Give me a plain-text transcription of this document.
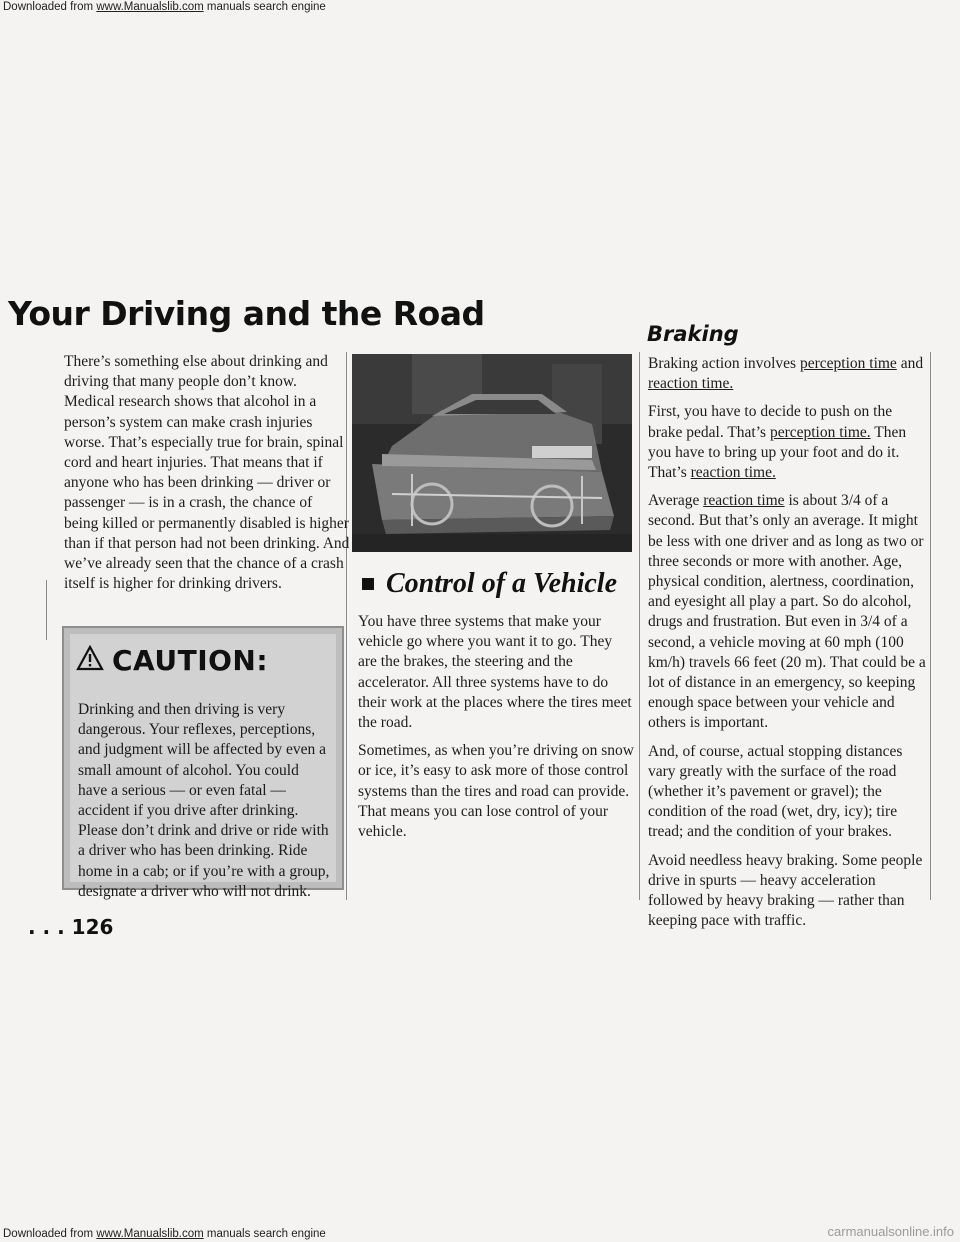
Downloaded from www.Manualslib.com manuals search engine
Your Driving and the Road

There’s something else about drinking and driving that many people don’t know. Medical research shows that alcohol in a person’s system can make crash injuries worse. That’s especially true for brain, spinal cord and heart injuries. That means that if anyone who has been drinking — driver or passenger — is in a crash, the chance of being killed or permanently disabled is higher than if that person had not been drinking. And we’ve already seen that the chance of a crash itself is higher for drinking drivers.

CAUTION:
Drinking and then driving is very dangerous. Your reflexes, perceptions, and judgment will be affected by even a small amount of alcohol. You could have a serious — or even fatal — accident if you drive after drinking. Please don’t drink and drive or ride with a driver who has been drinking. Ride home in a cab; or if you’re with a group, designate a driver who will not drink.
. . . 126
Control of a Vehicle

You have three systems that make your vehicle go where you want it to go. They are the brakes, the steering and the accelerator. All three systems have to do their work at the places where the tires meet the road.

Sometimes, as when you’re driving on snow or ice, it’s easy to ask more of those control systems than the tires and road can provide. That means you can lose control of your vehicle.

Braking

Braking action involves perception time and reaction time.

First, you have to decide to push on the brake pedal. That’s perception time. Then you have to bring up your foot and do it. That’s reaction time.

Average reaction time is about 3/4 of a second. But that’s only an average. It might be less with one driver and as long as two or three seconds or more with another. Age, physical condition, alertness, coordination, and eyesight all play a part. So do alcohol, drugs and frustration. But even in 3/4 of a second, a vehicle moving at 60 mph (100 km/h) travels 66 feet (20 m). That could be a lot of distance in an emergency, so keeping enough space between your vehicle and others is important.

And, of course, actual stopping distances vary greatly with the surface of the road (whether it’s pavement or gravel); the condition of the road (wet, dry, icy); tire tread; and the condition of your brakes.

Avoid needless heavy braking. Some people drive in spurts — heavy acceleration followed by heavy braking — rather than keeping pace with traffic.

Downloaded from www.Manualslib.com manuals search engine	carmanualsonline.info
